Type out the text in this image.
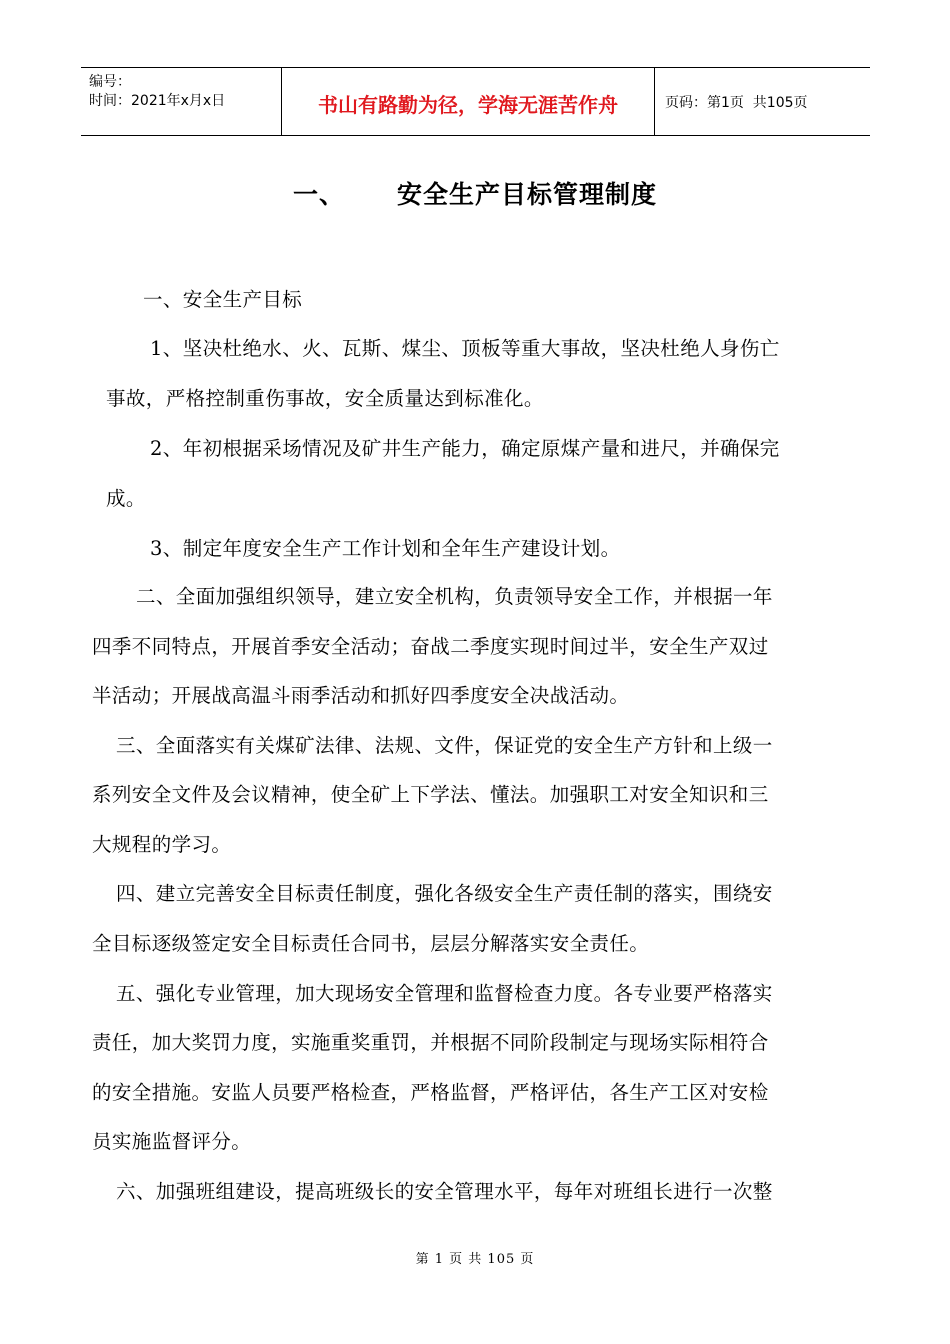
编号：
时间：2021年x月x日	书山有路勤为径，学海无涯苦作舟	页码：第1页  共105页
一、 安全生产目标管理制度
一、安全生产目标
1、坚决杜绝水、火、瓦斯、煤尘、顶板等重大事故，坚决杜绝人身伤亡
事故，严格控制重伤事故，安全质量达到标准化。
2、年初根据采场情况及矿井生产能力，确定原煤产量和进尺，并确保完
成。
3、制定年度安全生产工作计划和全年生产建设计划。
二、全面加强组织领导，建立安全机构，负责领导安全工作，并根据一年
四季不同特点，开展首季安全活动；奋战二季度实现时间过半，安全生产双过
半活动；开展战高温斗雨季活动和抓好四季度安全决战活动。
三、全面落实有关煤矿法律、法规、文件，保证党的安全生产方针和上级一
系列安全文件及会议精神，使全矿上下学法、懂法。加强职工对安全知识和三
大规程的学习。
四、建立完善安全目标责任制度，强化各级安全生产责任制的落实，围绕安
全目标逐级签定安全目标责任合同书，层层分解落实安全责任。
五、强化专业管理，加大现场安全管理和监督检查力度。各专业要严格落实
责任，加大奖罚力度，实施重奖重罚，并根据不同阶段制定与现场实际相符合
的安全措施。安监人员要严格检查，严格监督，严格评估，各生产工区对安检
员实施监督评分。
六、加强班组建设，提高班级长的安全管理水平，每年对班组长进行一次整
第 1 页 共 105 页
